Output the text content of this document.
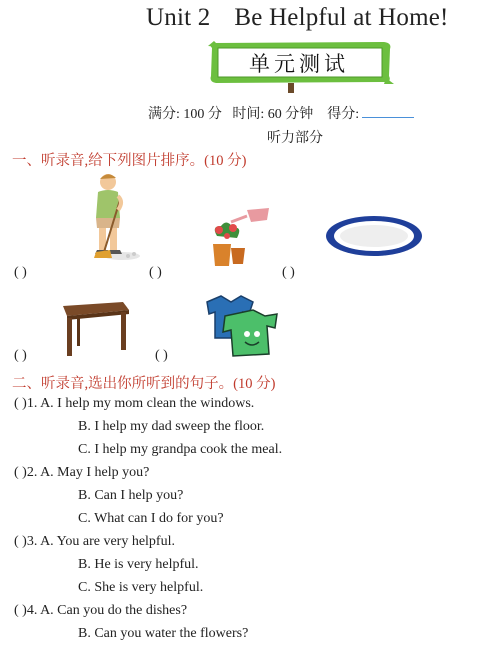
Unit 2 Be Helpful at Home!
单元测试
满分: 100 分 时间: 60 分钟 得分:
听力部分
一、听录音,给下列图片排序。(10 分)
( )	( )	( )
( )	( )
二、听录音,选出你所听到的句子。(10 分)
( )1. A. I help my mom clean the windows.
B. I help my dad sweep the floor.
C. I help my grandpa cook the meal.
( )2. A. May I help you?
B. Can I help you?
C. What can I do for you?
( )3. A. You are very helpful.
B. He is very helpful.
C. She is very helpful.
( )4. A. Can you do the dishes?
B. Can you water the flowers?
